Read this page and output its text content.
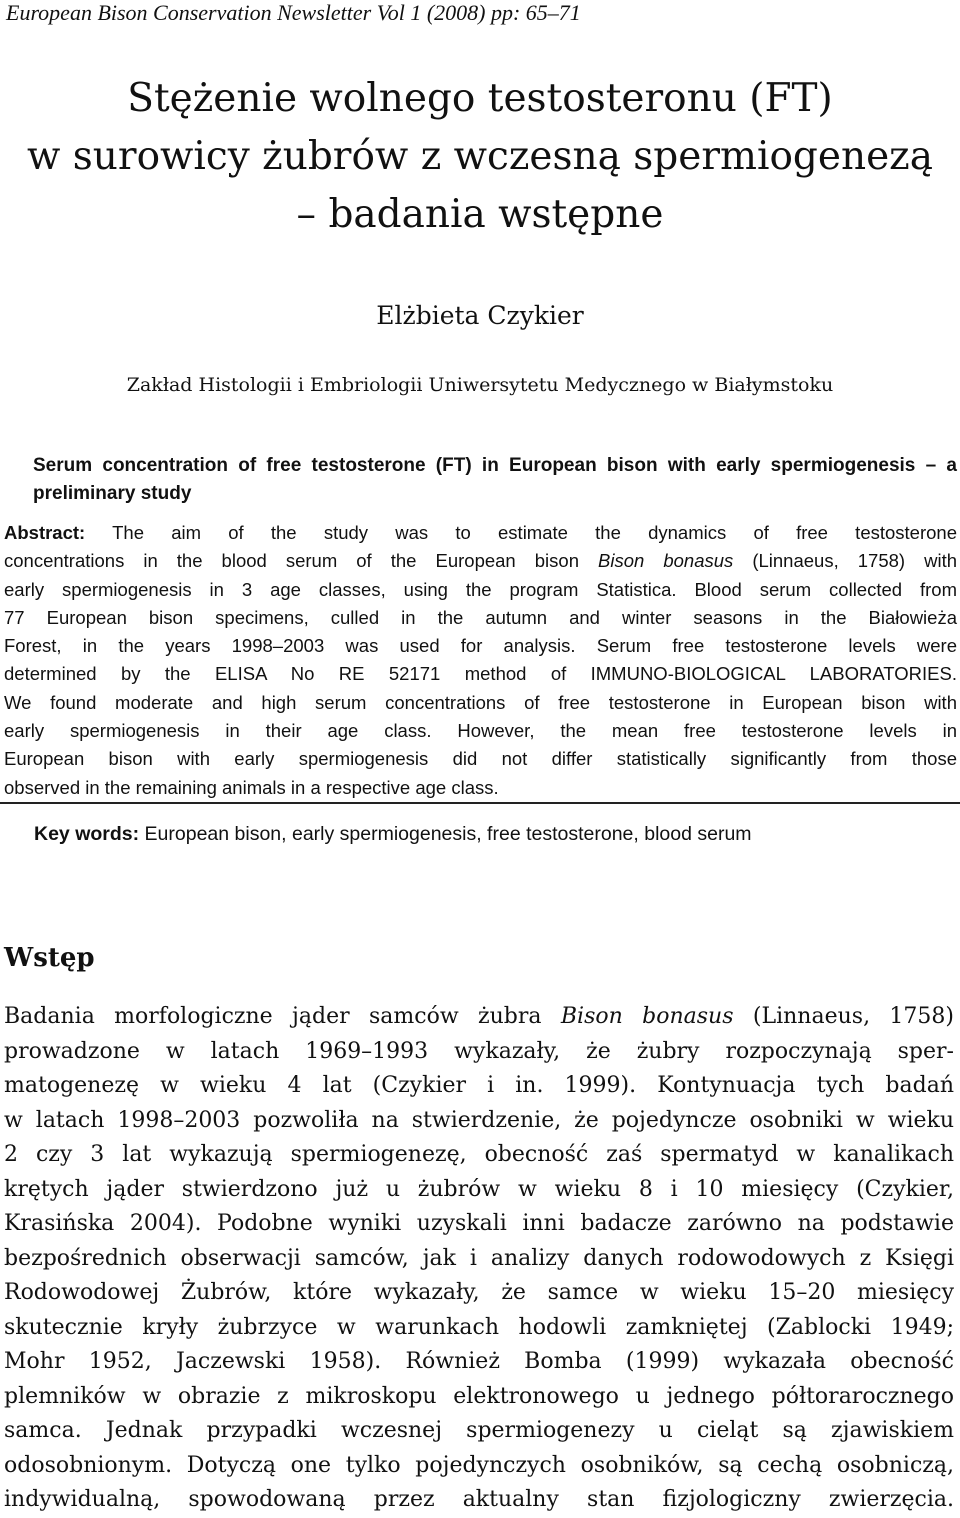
European Bison Conservation Newsletter Vol 1 (2008) pp: 65–71
Stężenie wolnego testosteronu (FT)
w surowicy żubrów z wczesną spermiogenezą
– badania wstępne
Elżbieta Czykier
Zakład Histologii i Embriologii Uniwersytetu Medycznego w Białymstoku
Serum concentration of free testosterone (FT) in European bison with early spermiogenesis – a preliminary study
Abstract: The aim of the study was to estimate the dynamics of free testosterone
concentrations in the blood serum of the European bison Bison bonasus (Linnaeus, 1758) with
early spermiogenesis in 3 age classes, using the program Statistica. Blood serum collected from
77 European bison specimens, culled in the autumn and winter seasons in the Białowieża
Forest, in the years 1998–2003 was used for analysis. Serum free testosterone levels were
determined by the ELISA No RE 52171 method of IMMUNO-BIOLOGICAL LABORATORIES.
We found moderate and high serum concentrations of free testosterone in European bison with
early spermiogenesis in their age class. However, the mean free testosterone levels in
European bison with early spermiogenesis did not differ statistically significantly from those
observed in the remaining animals in a respective age class.
Key words: European bison, early spermiogenesis, free testosterone, blood serum
Wstęp
Badania morfologiczne jąder samców żubra Bison bonasus (Linnaeus, 1758)
prowadzone w latach 1969–1993 wykazały, że żubry rozpoczynają sper-
matogenezę w wieku 4 lat (Czykier i in. 1999). Kontynuacja tych badań
w latach 1998–2003 pozwoliła na stwierdzenie, że pojedyncze osobniki w wieku
2 czy 3 lat wykazują spermiogenezę, obecność zaś spermatyd w kanalikach
krętych jąder stwierdzono już u żubrów w wieku 8 i 10 miesięcy (Czykier,
Krasińska 2004). Podobne wyniki uzyskali inni badacze zarówno na podstawie
bezpośrednich obserwacji samców, jak i analizy danych rodowodowych z Księgi
Rodowodowej Żubrów, które wykazały, że samce w wieku 15–20 miesięcy
skutecznie kryły żubrzyce w warunkach hodowli zamkniętej (Zablocki 1949;
Mohr 1952, Jaczewski 1958). Również Bomba (1999) wykazała obecność
plemników w obrazie z mikroskopu elektronowego u jednego półtorarocznego
samca. Jednak przypadki wczesnej spermiogenezy u cieląt są zjawiskiem
odosobnionym. Dotyczą one tylko pojedynczych osobników, są cechą osobniczą,
indywidualną, spowodowaną przez aktualny stan fizjologiczny zwierzęcia.
